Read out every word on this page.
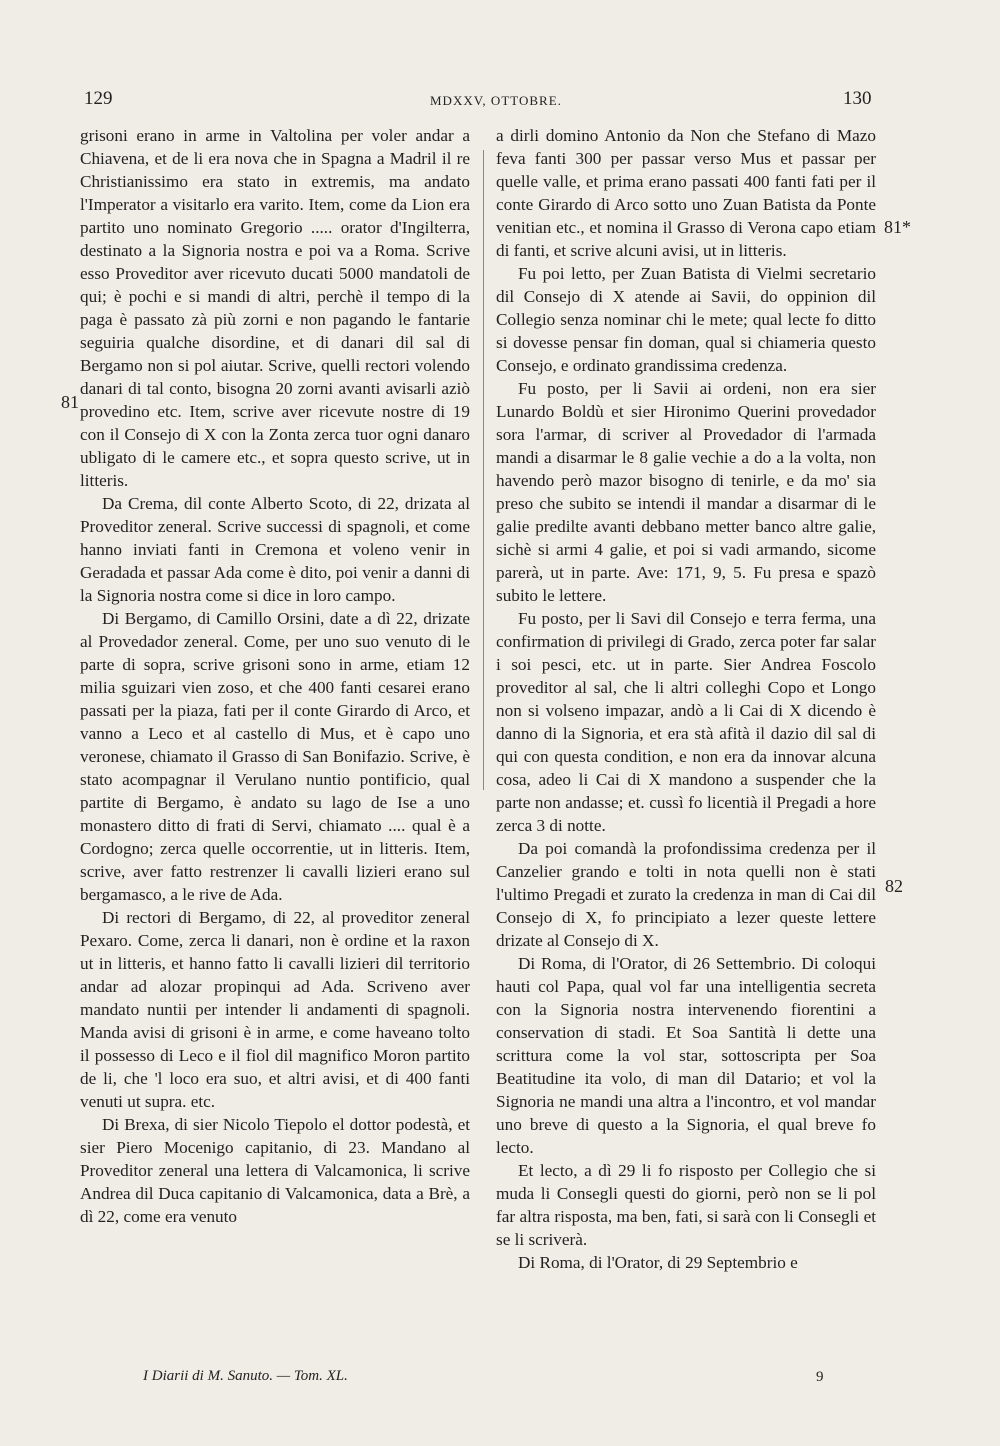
129	MDXXV, OTTOBRE.	130
81
81*
82

grisoni erano in arme in Valtolina per voler andar a Chiavena, et de li era nova che in Spagna a Madril il re Christianissimo era stato in extremis, ma andato l'Imperator a visitarlo era varito. Item, come da Lion era partito uno nominato Gregorio ..... orator d'Ingilterra, destinato a la Signoria nostra e poi va a Roma. Scrive esso Proveditor aver ricevuto ducati 5000 mandatoli de qui; è pochi e si mandi di altri, perchè il tempo di la paga è passato zà più zorni e non pagando le fantarie seguiria qualche disordine, et di danari dil sal di Bergamo non si pol aiutar. Scrive, quelli rectori volendo danari di tal conto, bisogna 20 zorni avanti avisarli aziò provedino etc. Item, scrive aver ricevute nostre di 19 con il Consejo di X con la Zonta zerca tuor ogni danaro ubligato di le camere etc., et sopra questo scrive, ut in litteris.

Da Crema, dil conte Alberto Scoto, di 22, drizata al Proveditor zeneral. Scrive successi di spagnoli, et come hanno inviati fanti in Cremona et voleno venir in Geradada et passar Ada come è dito, poi venir a danni di la Signoria nostra come si dice in loro campo.

Di Bergamo, di Camillo Orsini, date a dì 22, drizate al Provedador zeneral. Come, per uno suo venuto di le parte di sopra, scrive grisoni sono in arme, etiam 12 milia sguizari vien zoso, et che 400 fanti cesarei erano passati per la piaza, fati per il conte Girardo di Arco, et vanno a Leco et al castello di Mus, et è capo uno veronese, chiamato il Grasso di San Bonifazio. Scrive, è stato acompagnar il Verulano nuntio pontificio, qual partite di Bergamo, è andato su lago de Ise a uno monastero ditto di frati di Servi, chiamato .... qual è a Cordogno; zerca quelle occorrentie, ut in litteris. Item, scrive, aver fatto restrenzer li cavalli lizieri erano sul bergamasco, a le rive de Ada.

Di rectori di Bergamo, di 22, al proveditor zeneral Pexaro. Come, zerca li danari, non è ordine et la raxon ut in litteris, et hanno fatto li cavalli lizieri dil territorio andar ad alozar propinqui ad Ada. Scriveno aver mandato nuntii per intender li andamenti di spagnoli. Manda avisi di grisoni è in arme, e come haveano tolto il possesso di Leco e il fiol dil magnifico Moron partito de li, che 'l loco era suo, et altri avisi, et di 400 fanti venuti ut supra. etc.

Di Brexa, di sier Nicolo Tiepolo el dottor podestà, et sier Piero Mocenigo capitanio, di 23. Mandano al Proveditor zeneral una lettera di Valcamonica, li scrive Andrea dil Duca capitanio di Valcamonica, data a Brè, a dì 22, come era venuto

a dirli domino Antonio da Non che Stefano di Mazo feva fanti 300 per passar verso Mus et passar per quelle valle, et prima erano passati 400 fanti fati per il conte Girardo di Arco sotto uno Zuan Batista da Ponte venitian etc., et nomina il Grasso di Verona capo etiam di fanti, et scrive alcuni avisi, ut in litteris.

Fu poi letto, per Zuan Batista di Vielmi secretario dil Consejo di X atende ai Savii, do oppinion dil Collegio senza nominar chi le mete; qual lecte fo ditto si dovesse pensar fin doman, qual si chiameria questo Consejo, e ordinato grandissima credenza.

Fu posto, per li Savii ai ordeni, non era sier Lunardo Boldù et sier Hironimo Querini provedador sora l'armar, di scriver al Provedador di l'armada mandi a disarmar le 8 galie vechie a do a la volta, non havendo però mazor bisogno di tenirle, e da mo' sia preso che subito se intendi il mandar a disarmar di le galie predilte avanti debbano metter banco altre galie, sichè si armi 4 galie, et poi si vadi armando, sicome parerà, ut in parte. Ave: 171, 9, 5. Fu presa e spazò subito le lettere.

Fu posto, per li Savi dil Consejo e terra ferma, una confirmation di privilegi di Grado, zerca poter far salar i soi pesci, etc. ut in parte. Sier Andrea Foscolo proveditor al sal, che li altri colleghi Copo et Longo non si volseno impazar, andò a li Cai di X dicendo è danno di la Signoria, et era stà afità il dazio dil sal di qui con questa condition, e non era da innovar alcuna cosa, adeo li Cai di X mandono a suspender che la parte non andasse; et. cussì fo licentià il Pregadi a hore zerca 3 di notte.

Da poi comandà la profondissima credenza per il Canzelier grando e tolti in nota quelli non è stati l'ultimo Pregadi et zurato la credenza in man di Cai dil Consejo di X, fo principiato a lezer queste lettere drizate al Consejo di X.

Di Roma, di l'Orator, di 26 Settembrio. Di coloqui hauti col Papa, qual vol far una intelligentia secreta con la Signoria nostra intervenendo fiorentini a conservation di stadi. Et Soa Santità li dette una scrittura come la vol star, sottoscripta per Soa Beatitudine ita volo, di man dil Datario; et vol la Signoria ne mandi una altra a l'incontro, et vol mandar uno breve di questo a la Signoria, el qual breve fo lecto.

Et lecto, a dì 29 li fo risposto per Collegio che si muda li Consegli questi do giorni, però non se li pol far altra risposta, ma ben, fati, si sarà con li Consegli et se li scriverà.

Di Roma, di l'Orator, di 29 Septembrio e

I Diarii di M. Sanuto. — Tom. XL.	9
